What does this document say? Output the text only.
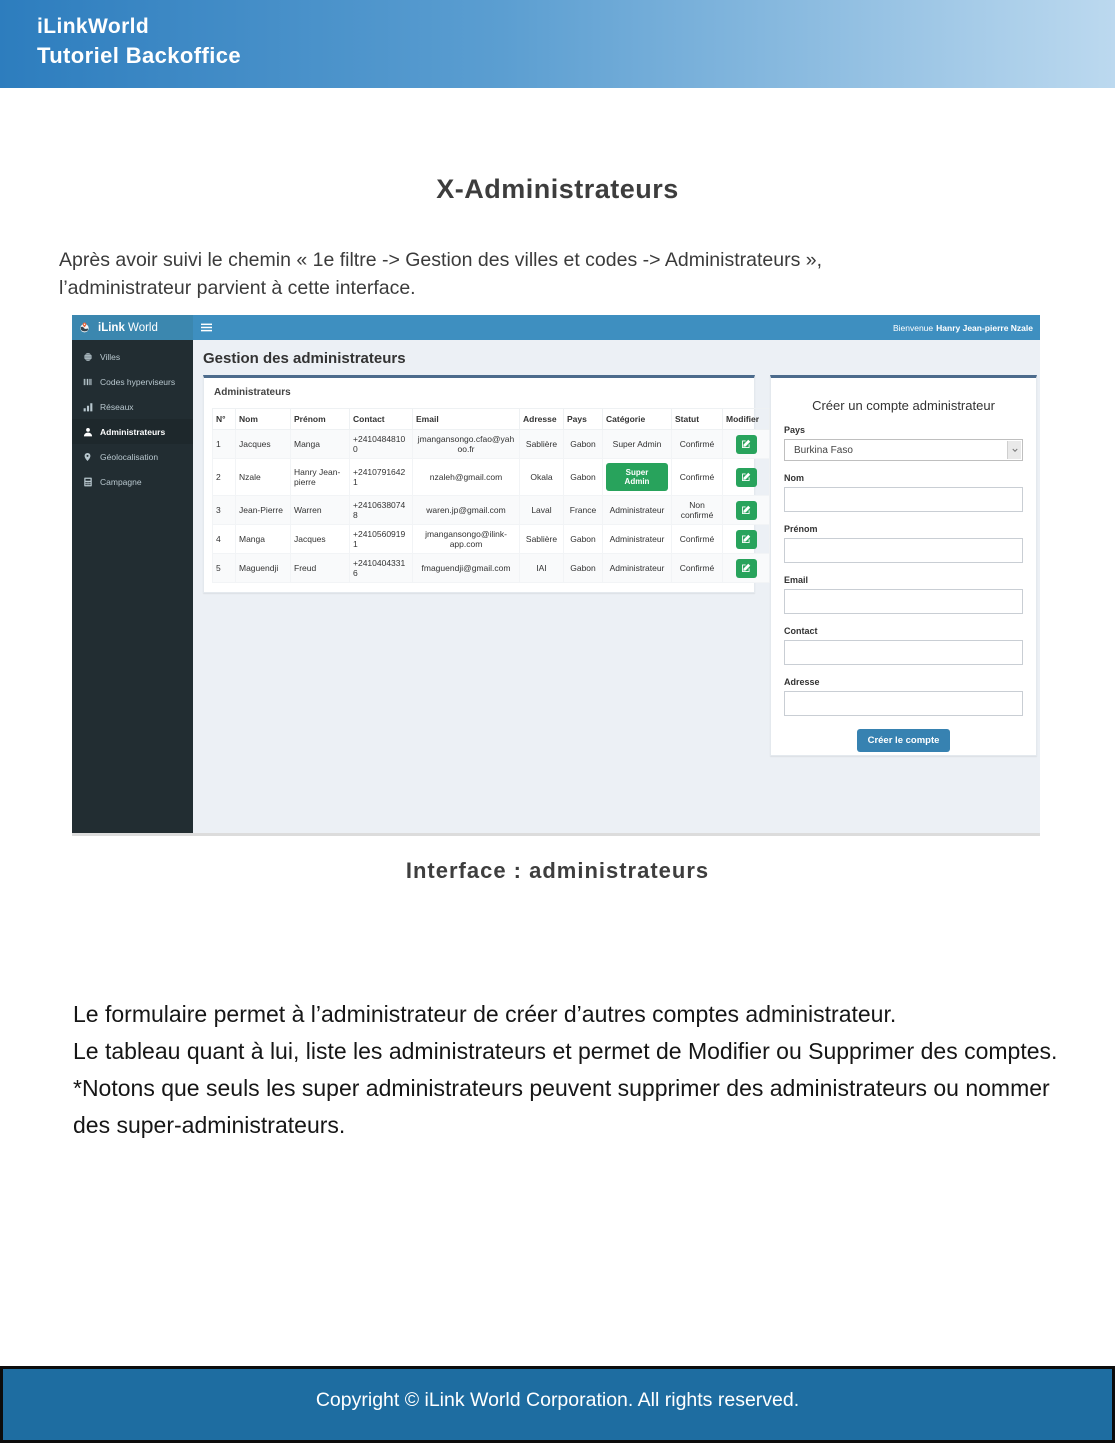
iLinkWorld
Tutoriel Backoffice
X-Administrateurs
Après avoir suivi le chemin « 1e filtre -> Gestion des villes et codes -> Administrateurs »,
l’administrateur parvient à cette interface.
iLink World	Bienvenue Hanry Jean-pierre Nzale
Villes
Codes hyperviseurs
Réseaux
Administrateurs
Géolocalisation
Campagne
Gestion des administrateurs
Administrateurs
N°	Nom	Prénom	Contact	Email	Adresse	Pays	Catégorie	Statut	Modifier	
1	Jacques	Manga	+24104848100	jmangansongo.cfao@yahoo.fr	Sablière	Gabon	Super Admin	Confirmé	

2	Nzale	Hanry Jean-pierre	+24107916421	nzaleh@gmail.com	Okala	Gabon	Super Admin	Confirmé	

3	Jean-Pierre	Warren	+24106380748	waren.jp@gmail.com	Laval	France	Administrateur	Non confirmé	

4	Manga	Jacques	+24105609191	jmangansongo@ilink-app.com	Sablière	Gabon	Administrateur	Confirmé	

5	Maguendji	Freud	+24104043316	fmaguendji@gmail.com	IAI	Gabon	Administrateur	Confirmé	

Créer un compte administrateur
Pays
Burkina Faso
Nom
Prénom
Email
Contact
Adresse
Créer le compte
Interface : administrateurs
Le formulaire permet à l’administrateur de créer d’autres comptes administrateur.
Le tableau quant à lui, liste les administrateurs et permet de Modifier ou Supprimer des comptes.
*Notons que seuls les super administrateurs peuvent supprimer des administrateurs ou nommer
des super-administrateurs.
Copyright © iLink World Corporation. All rights reserved.
